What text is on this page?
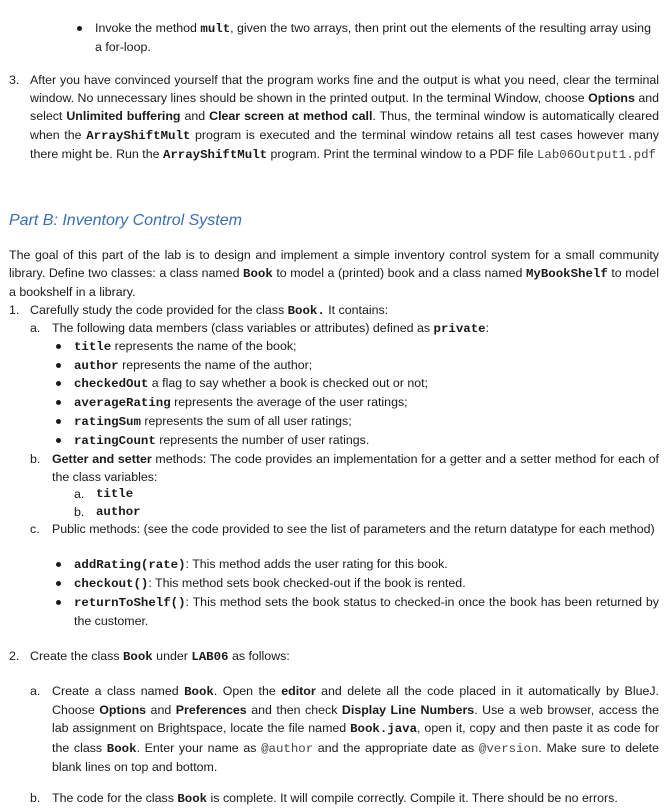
Invoke the method mult, given the two arrays, then print out the elements of the resulting array using a for-loop.
3. After you have convinced yourself that the program works fine and the output is what you need, clear the terminal window. No unnecessary lines should be shown in the printed output. In the terminal Window, choose Options and select Unlimited buffering and Clear screen at method call. Thus, the terminal window is automatically cleared when the ArrayShiftMult program is executed and the terminal window retains all test cases however many there might be. Run the ArrayShiftMult program. Print the terminal window to a PDF file Lab06Output1.pdf
Part B: Inventory Control System
The goal of this part of the lab is to design and implement a simple inventory control system for a small community library. Define two classes: a class named Book to model a (printed) book and a class named MyBookShelf to model a bookshelf in a library.
1. Carefully study the code provided for the class Book. It contains:
a. The following data members (class variables or attributes) defined as private:
title represents the name of the book;
author represents the name of the author;
checkedOut a flag to say whether a book is checked out or not;
averageRating represents the average of the user ratings;
ratingSum represents the sum of all user ratings;
ratingCount represents the number of user ratings.
b. Getter and setter methods: The code provides an implementation for a getter and a setter method for each of the class variables:
a. title
b. author
c. Public methods: (see the code provided to see the list of parameters and the return datatype for each method)
addRating(rate): This method adds the user rating for this book.
checkout(): This method sets book checked-out if the book is rented.
returnToShelf(): This method sets the book status to checked-in once the book has been returned by the customer.
2. Create the class Book under LAB06 as follows:
a. Create a class named Book. Open the editor and delete all the code placed in it automatically by BlueJ. Choose Options and Preferences and then check Display Line Numbers. Use a web browser, access the lab assignment on Brightspace, locate the file named Book.java, open it, copy and then paste it as code for the class Book. Enter your name as @author and the appropriate date as @version. Make sure to delete blank lines on top and bottom.
b. The code for the class Book is complete. It will compile correctly. Compile it. There should be no errors.
